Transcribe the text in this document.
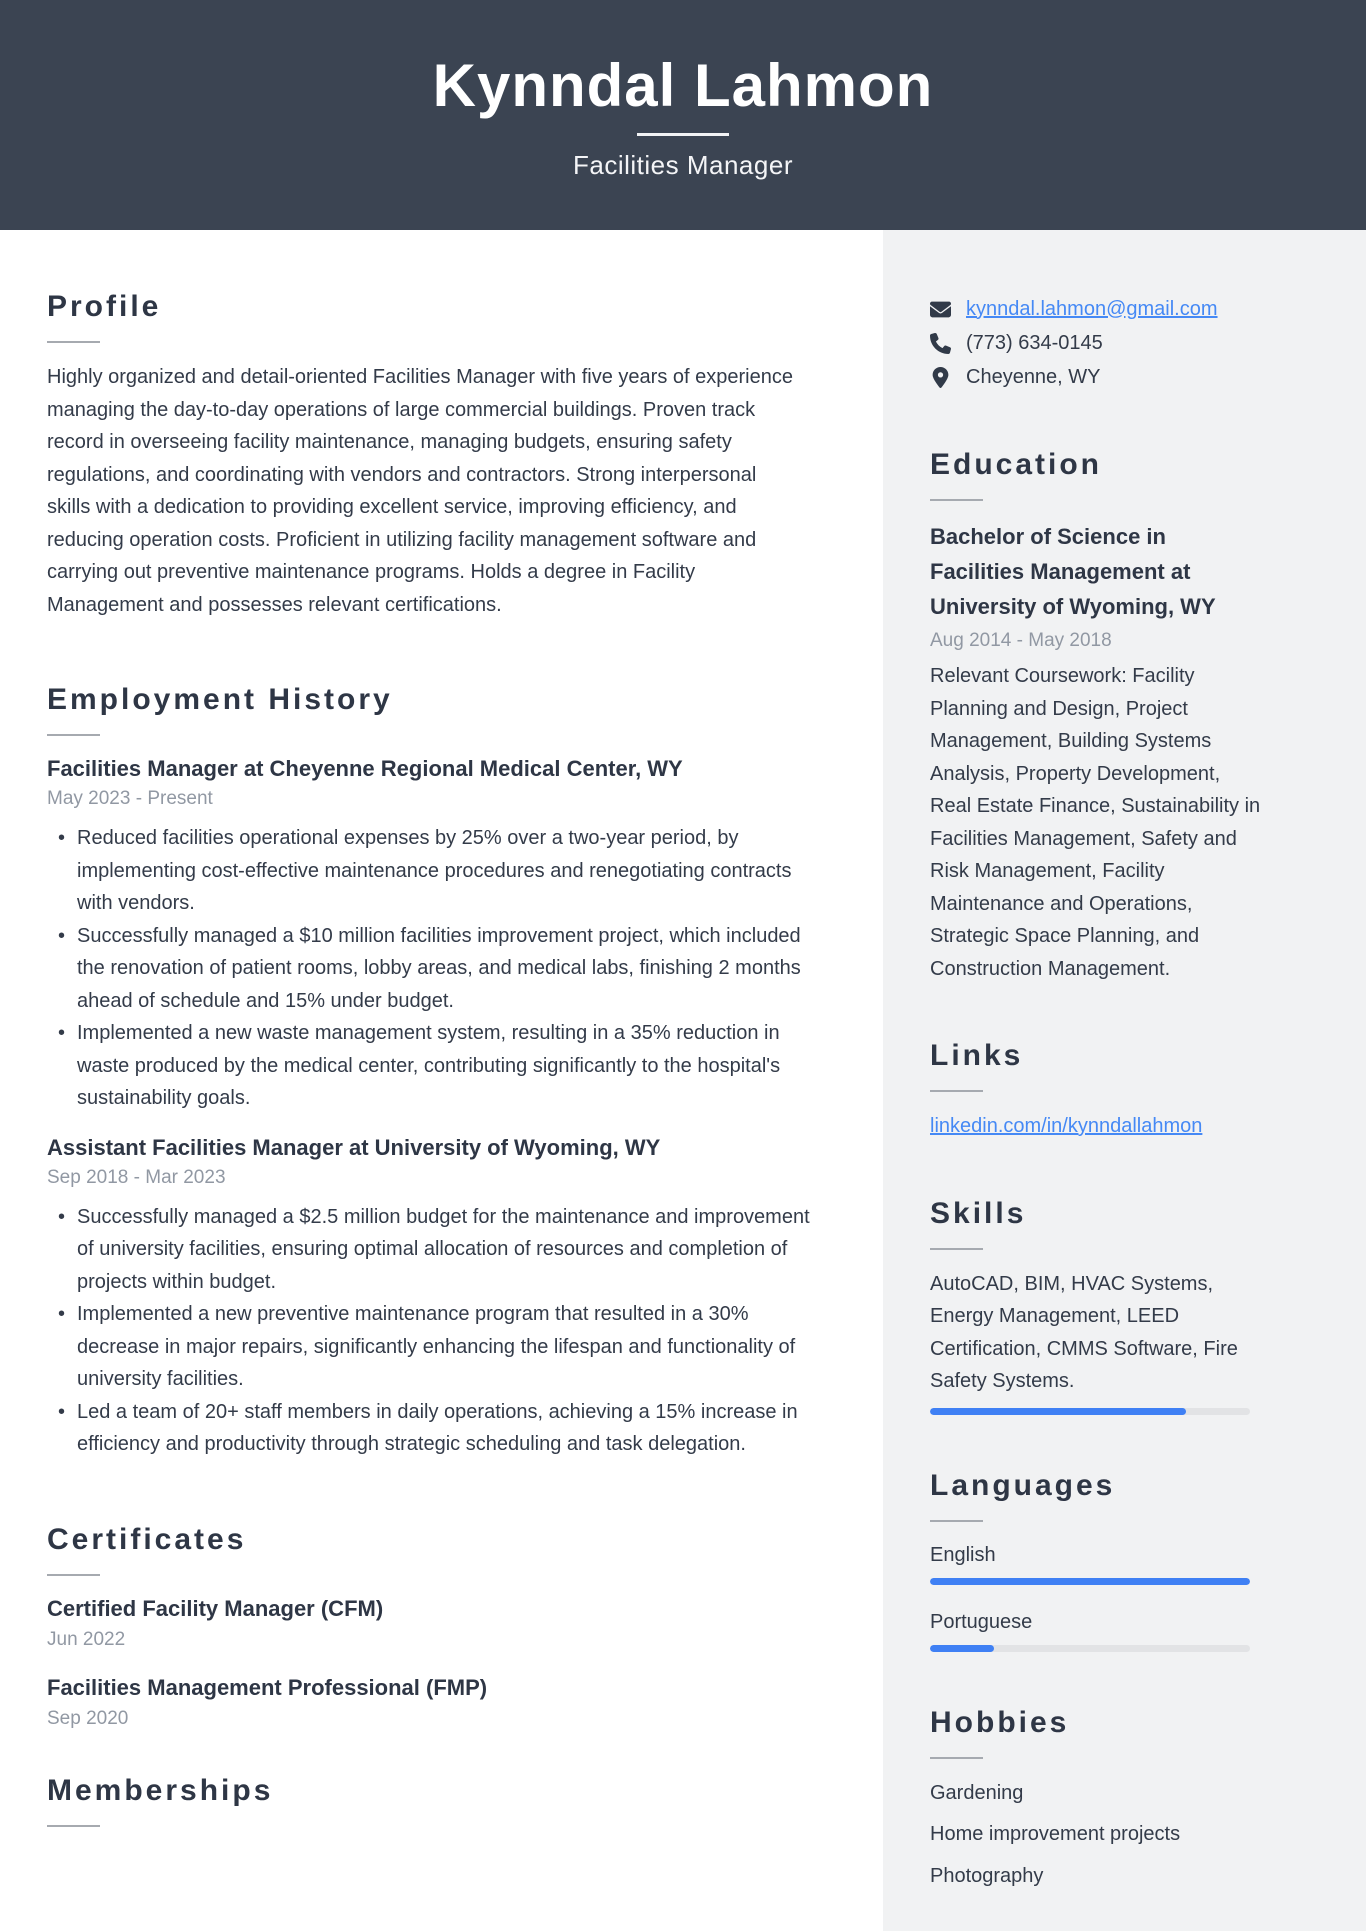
Kynndal Lahmon
Facilities Manager
Profile

Highly organized and detail-oriented Facilities Manager with five years of experience managing the day-to-day operations of large commercial buildings. Proven track record in overseeing facility maintenance, managing budgets, ensuring safety regulations, and coordinating with vendors and contractors. Strong interpersonal skills with a dedication to providing excellent service, improving efficiency, and reducing operation costs. Proficient in utilizing facility management software and carrying out preventive maintenance programs. Holds a degree in Facility Management and possesses relevant certifications.

Employment History
Facilities Manager at Cheyenne Regional Medical Center, WY
May 2023 - Present
• Reduced facilities operational expenses by 25% over a two-year period, by implementing cost-effective maintenance procedures and renegotiating contracts with vendors.
• Successfully managed a $10 million facilities improvement project, which included the renovation of patient rooms, lobby areas, and medical labs, finishing 2 months ahead of schedule and 15% under budget.
• Implemented a new waste management system, resulting in a 35% reduction in waste produced by the medical center, contributing significantly to the hospital's sustainability goals.
Assistant Facilities Manager at University of Wyoming, WY
Sep 2018 - Mar 2023
• Successfully managed a $2.5 million budget for the maintenance and improvement of university facilities, ensuring optimal allocation of resources and completion of projects within budget.
• Implemented a new preventive maintenance program that resulted in a 30% decrease in major repairs, significantly enhancing the lifespan and functionality of university facilities.
• Led a team of 20+ staff members in daily operations, achieving a 15% increase in efficiency and productivity through strategic scheduling and task delegation.
Certificates
Certified Facility Manager (CFM)
Jun 2022
Facilities Management Professional (FMP)
Sep 2020
Memberships
kynndal.lahmon@gmail.com
(773) 634-0145
Cheyenne, WY
Education
Bachelor of Science in Facilities Management at University of Wyoming, WY
Aug 2014 - May 2018

Relevant Coursework: Facility Planning and Design, Project Management, Building Systems Analysis, Property Development, Real Estate Finance, Sustainability in Facilities Management, Safety and Risk Management, Facility Maintenance and Operations, Strategic Space Planning, and Construction Management.

Links
linkedin.com/in/kynndallahmon
Skills

AutoCAD, BIM, HVAC Systems, Energy Management, LEED Certification, CMMS Software, Fire Safety Systems.

Languages
English
Portuguese
Hobbies
Gardening
Home improvement projects
Photography
